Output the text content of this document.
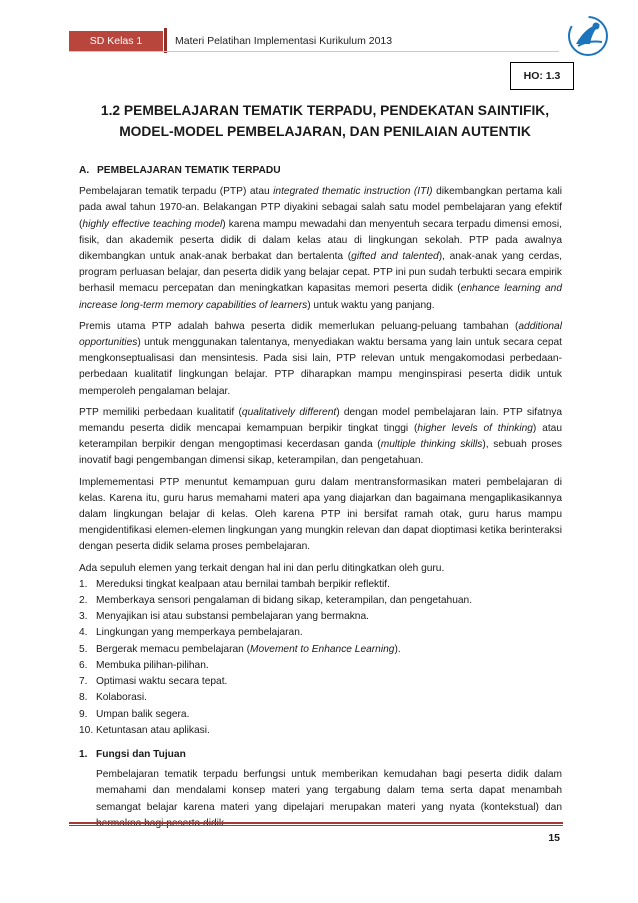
SD Kelas 1	Materi Pelatihan Implementasi Kurikulum 2013
HO: 1.3
1.2 PEMBELAJARAN TEMATIK TERPADU, PENDEKATAN SAINTIFIK,
MODEL-MODEL PEMBELAJARAN, DAN PENILAIAN AUTENTIK
A. PEMBELAJARAN TEMATIK TERPADU

Pembelajaran tematik terpadu (PTP) atau integrated thematic instruction (ITI) dikembangkan pertama kali pada awal tahun 1970-an. Belakangan PTP diyakini sebagai salah satu model pembelajaran yang efektif (highly effective teaching model) karena mampu mewadahi dan menyentuh secara terpadu dimensi emosi, fisik, dan akademik peserta didik di dalam kelas atau di lingkungan sekolah. PTP pada awalnya dikembangkan untuk anak-anak berbakat dan bertalenta (gifted and talented), anak-anak yang cerdas, program perluasan belajar, dan peserta didik yang belajar cepat. PTP ini pun sudah terbukti secara empirik berhasil memacu percepatan dan meningkatkan kapasitas memori peserta didik (enhance learning and increase long-term memory capabilities of learners) untuk waktu yang panjang.

Premis utama PTP adalah bahwa peserta didik memerlukan peluang-peluang tambahan (additional opportunities) untuk menggunakan talentanya, menyediakan waktu bersama yang lain untuk secara cepat mengkonseptualisasi dan mensintesis. Pada sisi lain, PTP relevan untuk mengakomodasi perbedaan-perbedaan kualitatif lingkungan belajar. PTP diharapkan mampu menginspirasi peserta didik untuk memperoleh pengalaman belajar.

PTP memiliki perbedaan kualitatif (qualitatively different) dengan model pembelajaran lain. PTP sifatnya memandu peserta didik mencapai kemampuan berpikir tingkat tinggi (higher levels of thinking) atau keterampilan berpikir dengan mengoptimasi kecerdasan ganda (multiple thinking skills), sebuah proses inovatif bagi pengembangan dimensi sikap, keterampilan, dan pengetahuan.

Implemementasi PTP menuntut kemampuan guru dalam mentransformasikan materi pembelajaran di kelas. Karena itu, guru harus memahami materi apa yang diajarkan dan bagaimana mengaplikasikannya dalam lingkungan belajar di kelas. Oleh karena PTP ini bersifat ramah otak, guru harus mampu mengidentifikasi elemen-elemen lingkungan yang mungkin relevan dan dapat dioptimasi ketika berinteraksi dengan peserta didik selama proses pembelajaran.

Ada sepuluh elemen yang terkait dengan hal ini dan perlu ditingkatkan oleh guru.
1. Mereduksi tingkat kealpaan atau bernilai tambah berpikir reflektif.
2. Memberkaya sensori pengalaman di bidang sikap, keterampilan, dan pengetahuan.
3. Menyajikan isi atau substansi pembelajaran yang bermakna.
4. Lingkungan yang memperkaya pembelajaran.
5. Bergerak memacu pembelajaran (Movement to Enhance Learning).
6. Membuka pilihan-pilihan.
7. Optimasi waktu secara tepat.
8. Kolaborasi.
9. Umpan balik segera.
10. Ketuntasan atau aplikasi.
1. Fungsi dan Tujuan

Pembelajaran tematik terpadu berfungsi untuk memberikan kemudahan bagi peserta didik dalam memahami dan mendalami konsep materi yang tergabung dalam tema serta dapat menambah semangat belajar karena materi yang dipelajari merupakan materi yang nyata (kontekstual) dan

15
